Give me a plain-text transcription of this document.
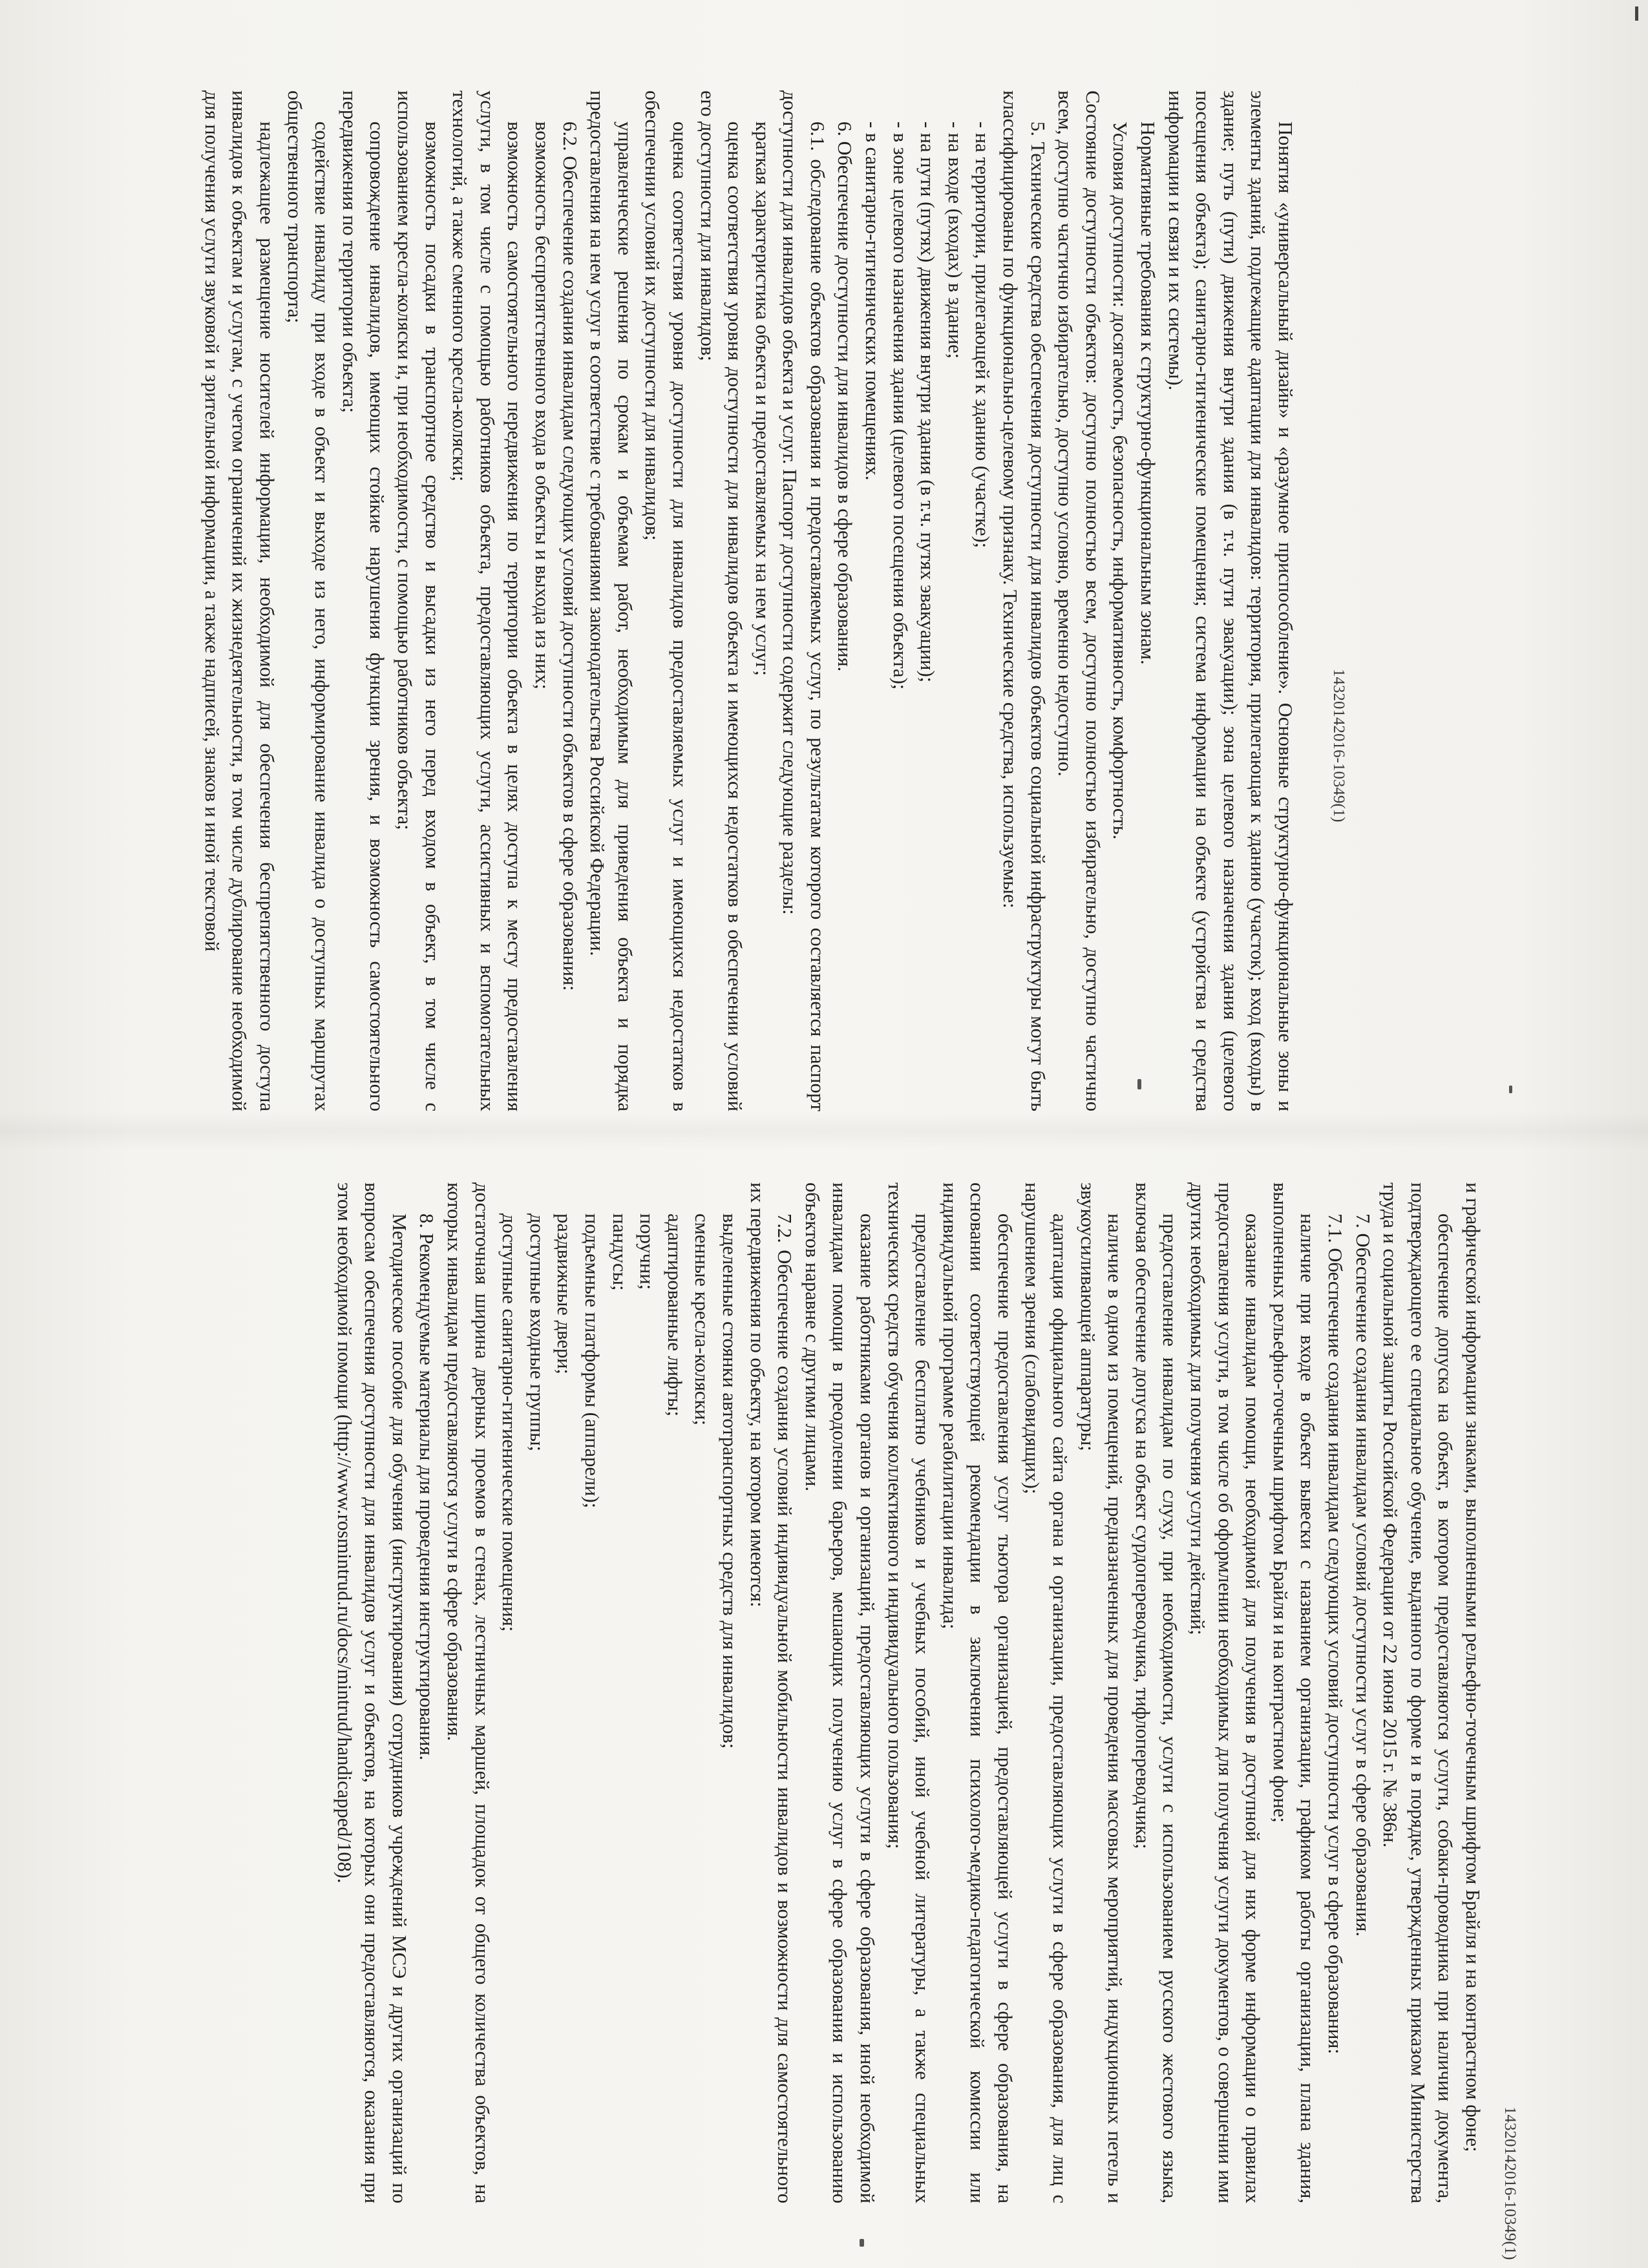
14320142016-10349(1)
14320142016-10349(1)

Понятия «универсальный дизайн» и «разумное приспособление». Основные структурно-функциональные зоны и элементы зданий, подлежащие адаптации для инвалидов: территория, прилегающая к зданию (участок); вход (входы) в здание; путь (пути) движения внутри здания (в т.ч. пути эвакуации); зона целевого назначения здания (целевого посещения объекта); санитарно-гигиенические помещения; система информации на объекте (устройства и средства информации и связи и их системы).

Нормативные требования к структурно-функциональным зонам.

Условия доступности: досягаемость, безопасность, информативность, комфортность.

Состояние доступности объектов: доступно полностью всем, доступно полностью избирательно, доступно частично всем, доступно частично избирательно, доступно условно, временно недоступно.

5. Технические средства обеспечения доступности для инвалидов объектов социальной инфраструктуры могут быть классифицированы по функционально-целевому признаку. Технические средства, используемые:

- на территории, прилегающей к зданию (участке);

- на входе (входах) в здание;

- на пути (путях) движения внутри здания (в т.ч. путях эвакуации);

- в зоне целевого назначения здания (целевого посещения объекта);

- в санитарно-гигиенических помещениях.

6. Обеспечение доступности для инвалидов в сфере образования.

6.1. обследование объектов образования и предоставляемых услуг, по результатам которого составляется паспорт доступности для инвалидов объекта и услуг. Паспорт доступности содержит следующие разделы:

краткая характеристика объекта и предоставляемых на нем услуг;

оценка соответствия уровня доступности для инвалидов объекта и имеющихся недостатков в обеспечении условий его доступности для инвалидов;

оценка соответствия уровня доступности для инвалидов предоставляемых услуг и имеющихся недостатков в обеспечении условий их доступности для инвалидов;

управленческие решения по срокам и объемам работ, необходимым для приведения объекта и порядка предоставления на нем услуг в соответствие с требованиями законодательства Российской Федерации.

6.2. Обеспечение создания инвалидам следующих условий доступности объектов в сфере образования:

возможность беспрепятственного входа в объекты и выхода из них;

возможность самостоятельного передвижения по территории объекта в целях доступа к месту предоставления услуги, в том числе с помощью работников объекта, предоставляющих услуги, ассистивных и вспомогательных технологий, а также сменного кресла-коляски;

возможность посадки в транспортное средство и высадки из него перед входом в объект, в том числе с использованием кресла-коляски и, при необходимости, с помощью работников объекта;

сопровождение инвалидов, имеющих стойкие нарушения функции зрения, и возможность самостоятельного передвижения по территории объекта;

содействие инвалиду при входе в объект и выходе из него, информирование инвалида о доступных маршрутах общественного транспорта;

надлежащее размещение носителей информации, необходимой для обеспечения беспрепятственного доступа инвалидов к объектам и услугам, с учетом ограничений их жизнедеятельности, в том числе дублирование необходимой для получения услуги звуковой и зрительной информации, а также надписей, знаков и иной текстовой

и графической информации знаками, выполненными рельефно-точечным шрифтом Брайля и на контрастном фоне;

обеспечение допуска на объект, в котором предоставляются услуги, собаки-проводника при наличии документа, подтверждающего ее специальное обучение, выданного по форме и в порядке, утвержденных приказом Министерства труда и социальной защиты Российской Федерации от 22 июня 2015 г. № 386н.

7. Обеспечение создания инвалидам условий доступности услуг в сфере образования.

7.1. Обеспечение создания инвалидам следующих условий доступности услуг в сфере образования:

наличие при входе в объект вывески с названием организации, графиком работы организации, плана здания, выполненных рельефно-точечным шрифтом Брайля и на контрастном фоне;

оказание инвалидам помощи, необходимой для получения в доступной для них форме информации о правилах предоставления услуги, в том числе об оформлении необходимых для получения услуги документов, о совершении ими других необходимых для получения услуги действий;

предоставление инвалидам по слуху, при необходимости, услуги с использованием русского жестового языка, включая обеспечение допуска на объект сурдопереводчика, тифлопереводчика;

наличие в одном из помещений, предназначенных для проведения массовых мероприятий, индукционных петель и звукоусиливающей аппаратуры;

адаптация официального сайта органа и организации, предоставляющих услуги в сфере образования, для лиц с нарушением зрения (слабовидящих);

обеспечение предоставления услуг тьютора организацией, предоставляющей услуги в сфере образования, на основании соответствующей рекомендации в заключении психолого-медико-педагогической комиссии или индивидуальной программе реабилитации инвалида;

предоставление бесплатно учебников и учебных пособий, иной учебной литературы, а также специальных технических средств обучения коллективного и индивидуального пользования;

оказание работниками органов и организаций, предоставляющих услуги в сфере образования, иной необходимой инвалидам помощи в преодолении барьеров, мешающих получению услуг в сфере образования и использованию объектов наравне с другими лицами.

7.2. Обеспечение создания условий индивидуальной мобильности инвалидов и возможности для самостоятельного их передвижения по объекту, на котором имеются:

выделенные стоянки автотранспортных средств для инвалидов;

сменные кресла-коляски;

адаптированные лифты;

поручни;

пандусы;

подъемные платформы (аппарели);

раздвижные двери;

доступные входные группы;

доступные санитарно-гигиенические помещения;

достаточная ширина дверных проемов в стенах, лестничных маршей, площадок от общего количества объектов, на которых инвалидам предоставляются услуги в сфере образования.

8. Рекомендуемые материалы для проведения инструктирования.

Методическое пособие для обучения (инструктирования) сотрудников учреждений МСЭ и других организаций по вопросам обеспечения доступности для инвалидов услуг и объектов, на которых они предоставляются, оказания при этом необходимой помощи (http://www.rosmintrud.ru/docs/mintrud/handicapped/108).
